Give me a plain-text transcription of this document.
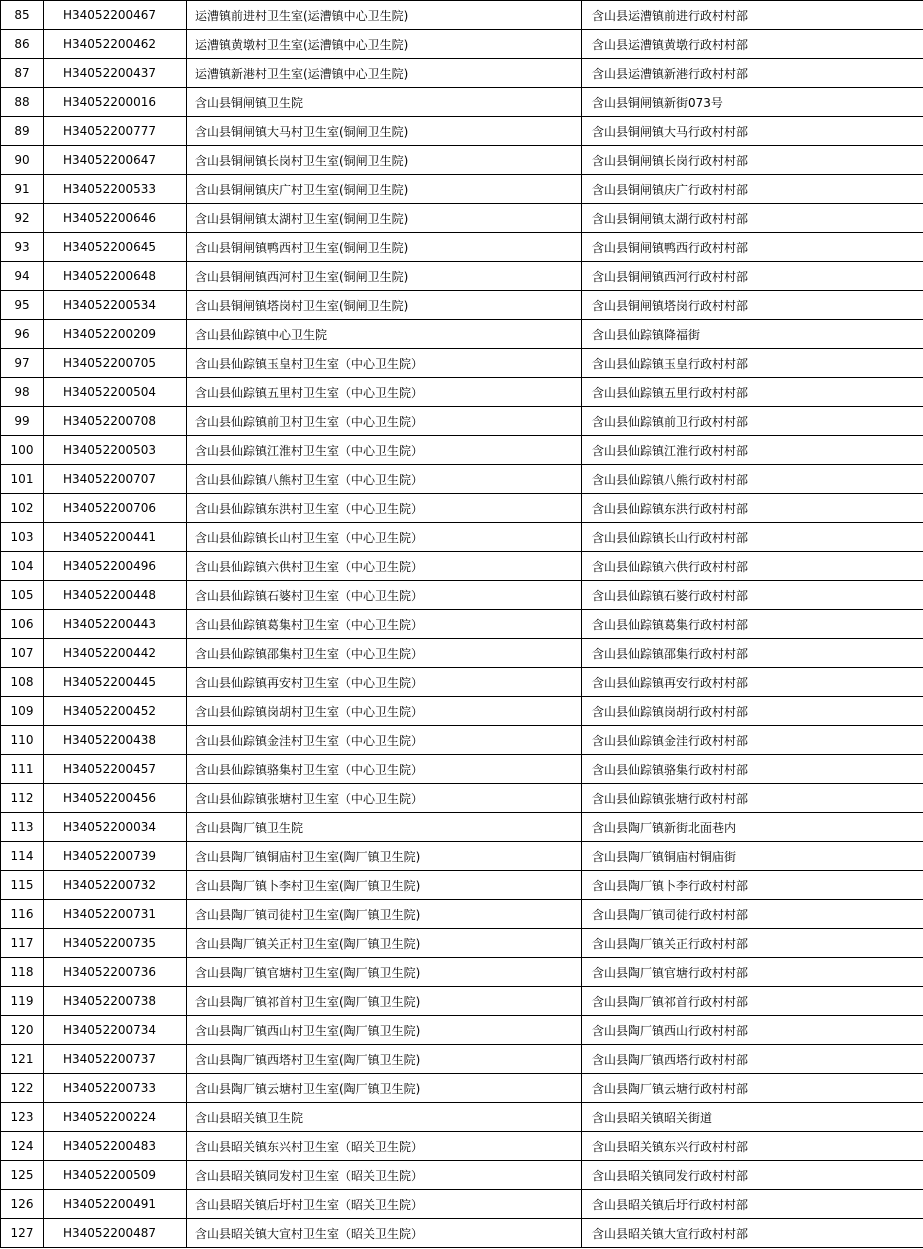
85	H34052200467	运漕镇前进村卫生室(运漕镇中心卫生院)	含山县运漕镇前进行政村村部
86	H34052200462	运漕镇黄墩村卫生室(运漕镇中心卫生院)	含山县运漕镇黄墩行政村村部
87	H34052200437	运漕镇新港村卫生室(运漕镇中心卫生院)	含山县运漕镇新港行政村村部
88	H34052200016	含山县铜闸镇卫生院	含山县铜闸镇新街073号
89	H34052200777	含山县铜闸镇大马村卫生室(铜闸卫生院)	含山县铜闸镇大马行政村村部
90	H34052200647	含山县铜闸镇长岗村卫生室(铜闸卫生院)	含山县铜闸镇长岗行政村村部
91	H34052200533	含山县铜闸镇庆广村卫生室(铜闸卫生院)	含山县铜闸镇庆广行政村村部
92	H34052200646	含山县铜闸镇太湖村卫生室(铜闸卫生院)	含山县铜闸镇太湖行政村村部
93	H34052200645	含山县铜闸镇鸭西村卫生室(铜闸卫生院)	含山县铜闸镇鸭西行政村村部
94	H34052200648	含山县铜闸镇西河村卫生室(铜闸卫生院)	含山县铜闸镇西河行政村村部
95	H34052200534	含山县铜闸镇塔岗村卫生室(铜闸卫生院)	含山县铜闸镇塔岗行政村村部
96	H34052200209	含山县仙踪镇中心卫生院	含山县仙踪镇降福街
97	H34052200705	含山县仙踪镇玉皇村卫生室（中心卫生院）	含山县仙踪镇玉皇行政村村部
98	H34052200504	含山县仙踪镇五里村卫生室（中心卫生院）	含山县仙踪镇五里行政村村部
99	H34052200708	含山县仙踪镇前卫村卫生室（中心卫生院）	含山县仙踪镇前卫行政村村部
100	H34052200503	含山县仙踪镇江淮村卫生室（中心卫生院）	含山县仙踪镇江淮行政村村部
101	H34052200707	含山县仙踪镇八熊村卫生室（中心卫生院）	含山县仙踪镇八熊行政村村部
102	H34052200706	含山县仙踪镇东洪村卫生室（中心卫生院）	含山县仙踪镇东洪行政村村部
103	H34052200441	含山县仙踪镇长山村卫生室（中心卫生院）	含山县仙踪镇长山行政村村部
104	H34052200496	含山县仙踪镇六供村卫生室（中心卫生院）	含山县仙踪镇六供行政村村部
105	H34052200448	含山县仙踪镇石婆村卫生室（中心卫生院）	含山县仙踪镇石婆行政村村部
106	H34052200443	含山县仙踪镇葛集村卫生室（中心卫生院）	含山县仙踪镇葛集行政村村部
107	H34052200442	含山县仙踪镇邵集村卫生室（中心卫生院）	含山县仙踪镇邵集行政村村部
108	H34052200445	含山县仙踪镇再安村卫生室（中心卫生院）	含山县仙踪镇再安行政村村部
109	H34052200452	含山县仙踪镇岗胡村卫生室（中心卫生院）	含山县仙踪镇岗胡行政村村部
110	H34052200438	含山县仙踪镇金洼村卫生室（中心卫生院）	含山县仙踪镇金洼行政村村部
111	H34052200457	含山县仙踪镇骆集村卫生室（中心卫生院）	含山县仙踪镇骆集行政村村部
112	H34052200456	含山县仙踪镇张塘村卫生室（中心卫生院）	含山县仙踪镇张塘行政村村部
113	H34052200034	含山县陶厂镇卫生院	含山县陶厂镇新街北面巷内
114	H34052200739	含山县陶厂镇铜庙村卫生室(陶厂镇卫生院)	含山县陶厂镇铜庙村铜庙街
115	H34052200732	含山县陶厂镇卜李村卫生室(陶厂镇卫生院)	含山县陶厂镇卜李行政村村部
116	H34052200731	含山县陶厂镇司徒村卫生室(陶厂镇卫生院)	含山县陶厂镇司徒行政村村部
117	H34052200735	含山县陶厂镇关正村卫生室(陶厂镇卫生院)	含山县陶厂镇关正行政村村部
118	H34052200736	含山县陶厂镇官塘村卫生室(陶厂镇卫生院)	含山县陶厂镇官塘行政村村部
119	H34052200738	含山县陶厂镇祁首村卫生室(陶厂镇卫生院)	含山县陶厂镇祁首行政村村部
120	H34052200734	含山县陶厂镇西山村卫生室(陶厂镇卫生院)	含山县陶厂镇西山行政村村部
121	H34052200737	含山县陶厂镇西塔村卫生室(陶厂镇卫生院)	含山县陶厂镇西塔行政村村部
122	H34052200733	含山县陶厂镇云塘村卫生室(陶厂镇卫生院)	含山县陶厂镇云塘行政村村部
123	H34052200224	含山县昭关镇卫生院	含山县昭关镇昭关街道
124	H34052200483	含山县昭关镇东兴村卫生室（昭关卫生院）	含山县昭关镇东兴行政村村部
125	H34052200509	含山县昭关镇同发村卫生室（昭关卫生院）	含山县昭关镇同发行政村村部
126	H34052200491	含山县昭关镇后圩村卫生室（昭关卫生院）	含山县昭关镇后圩行政村村部
127	H34052200487	含山县昭关镇大宣村卫生室（昭关卫生院）	含山县昭关镇大宣行政村村部
